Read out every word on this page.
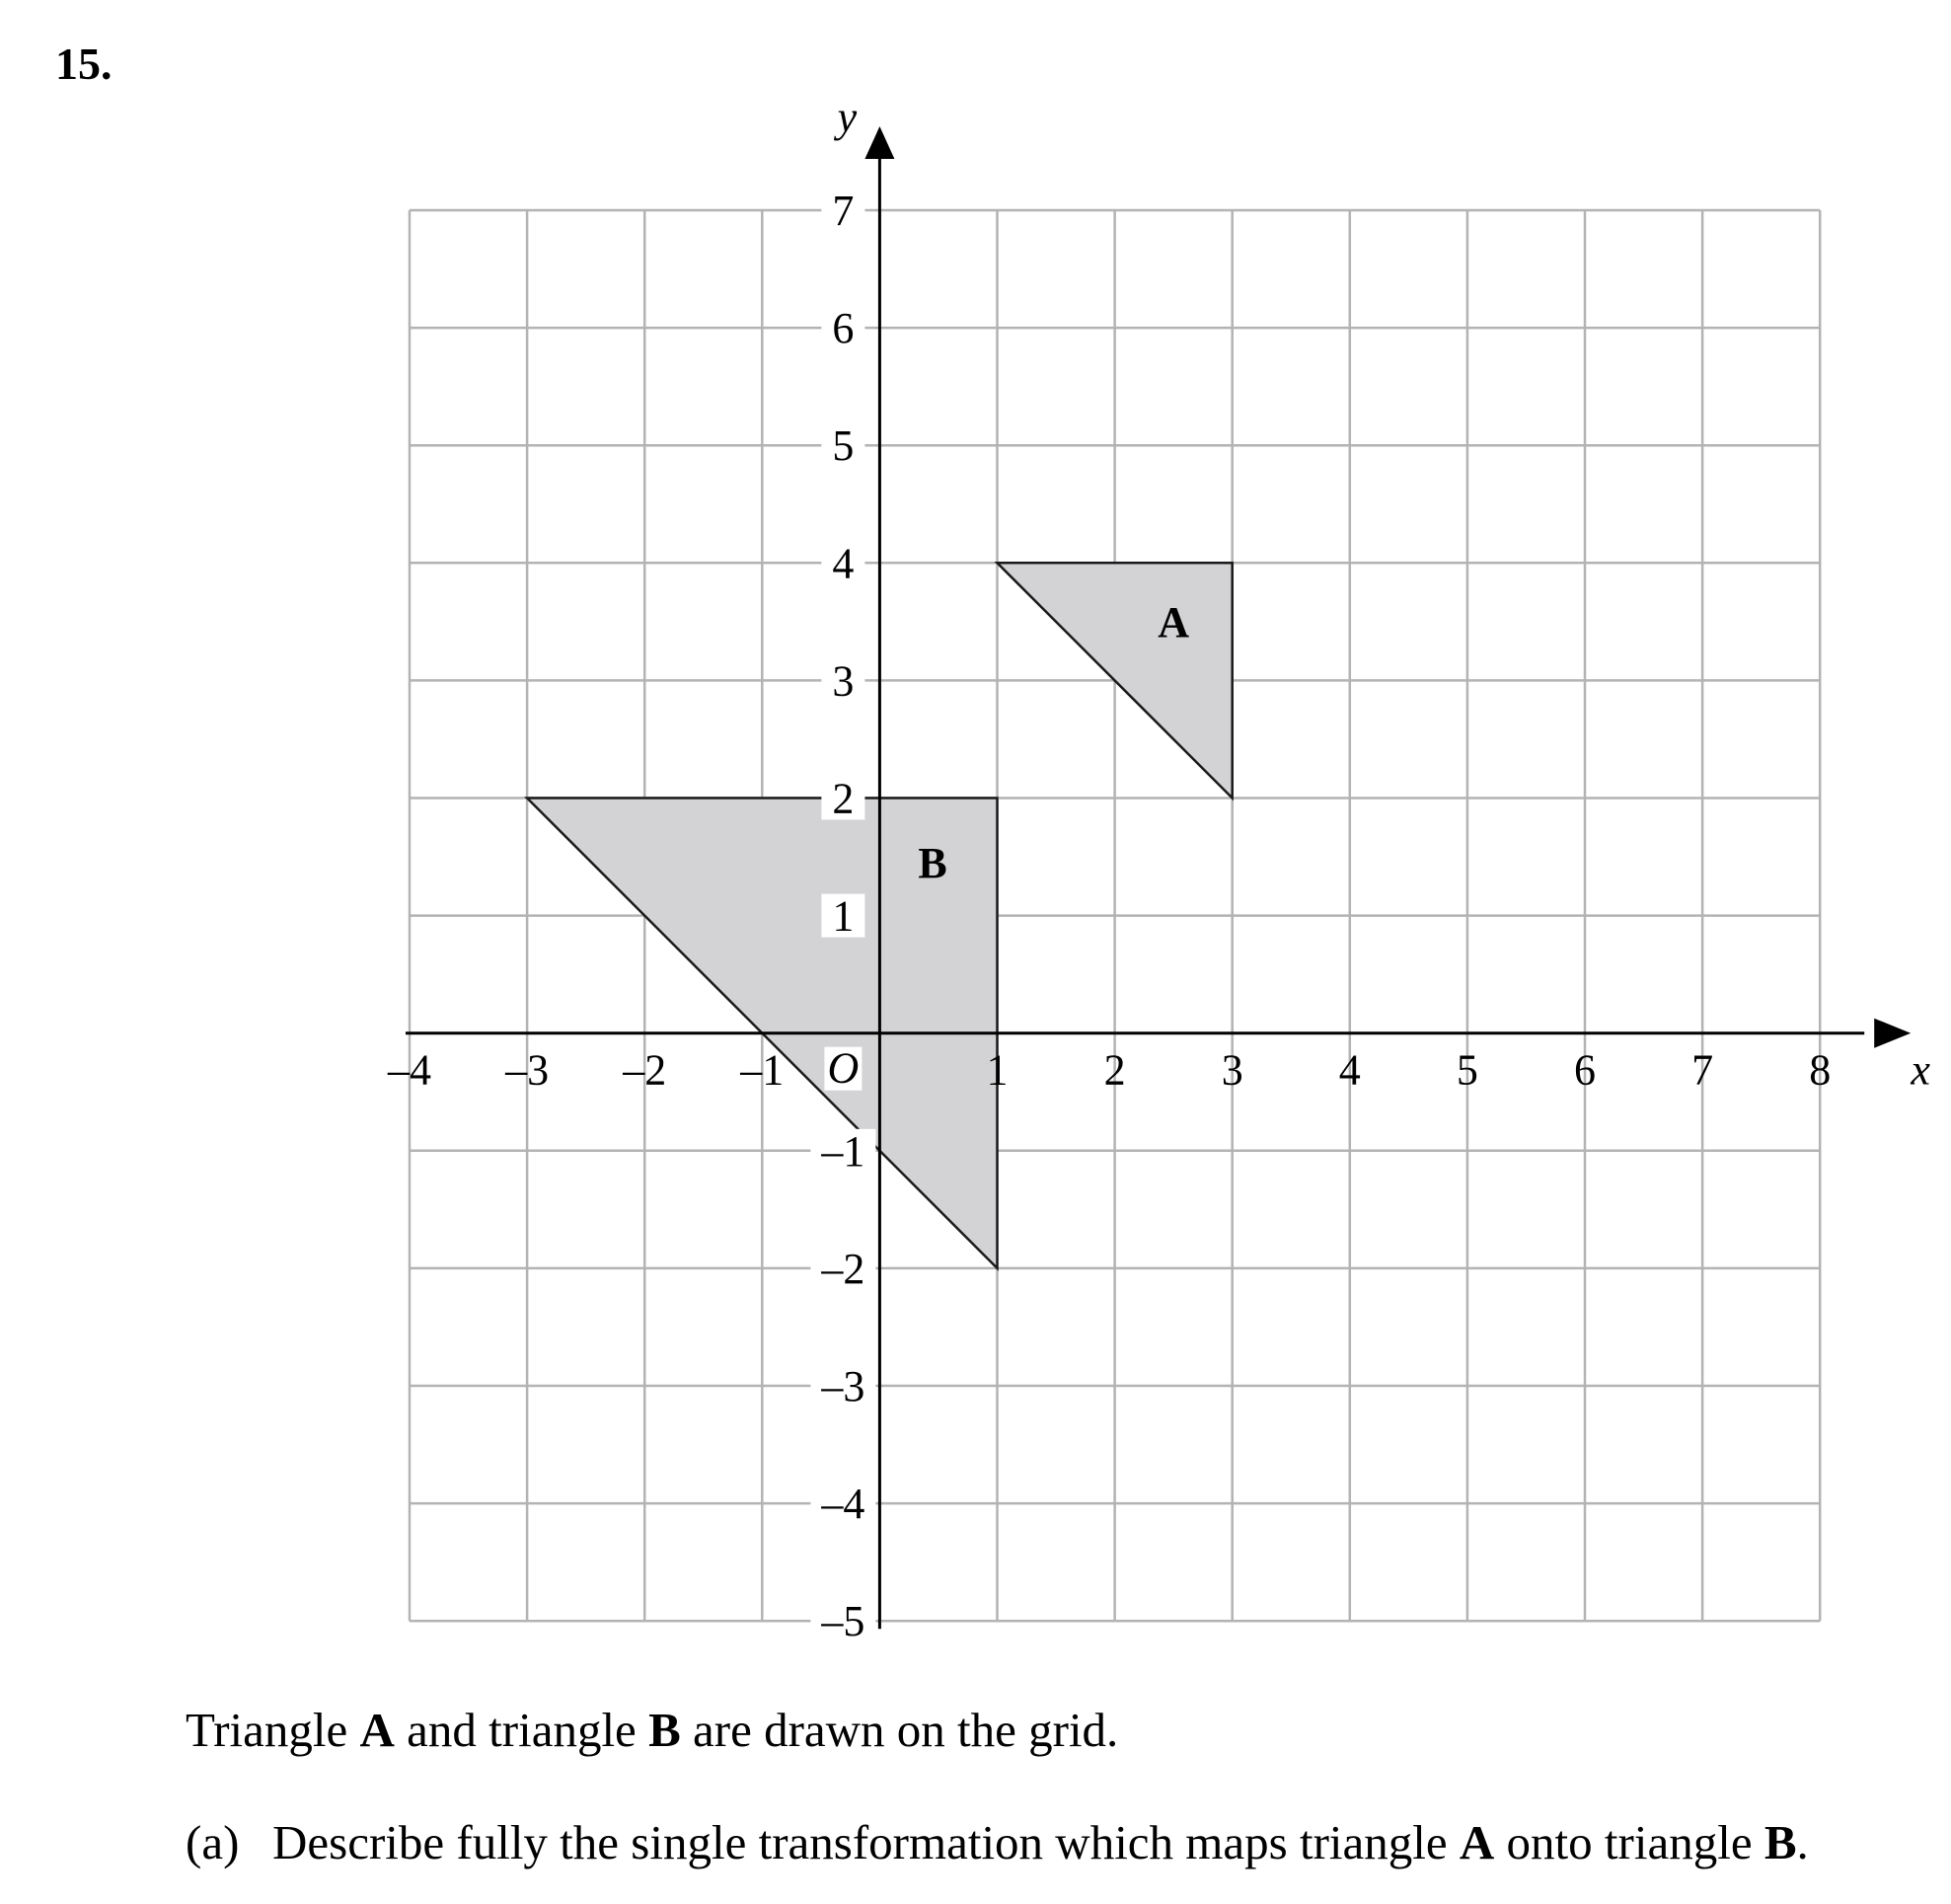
15.
A
B
x
y
–4 –3 –2 –1	1 2 3 4 5 6 7 8
7
6
5
4
3
2
1
–1
–2
–3
–4
–5
O
Triangle A and triangle B are drawn on the grid.
(a) Describe fully the single transformation which maps triangle A onto triangle B.
